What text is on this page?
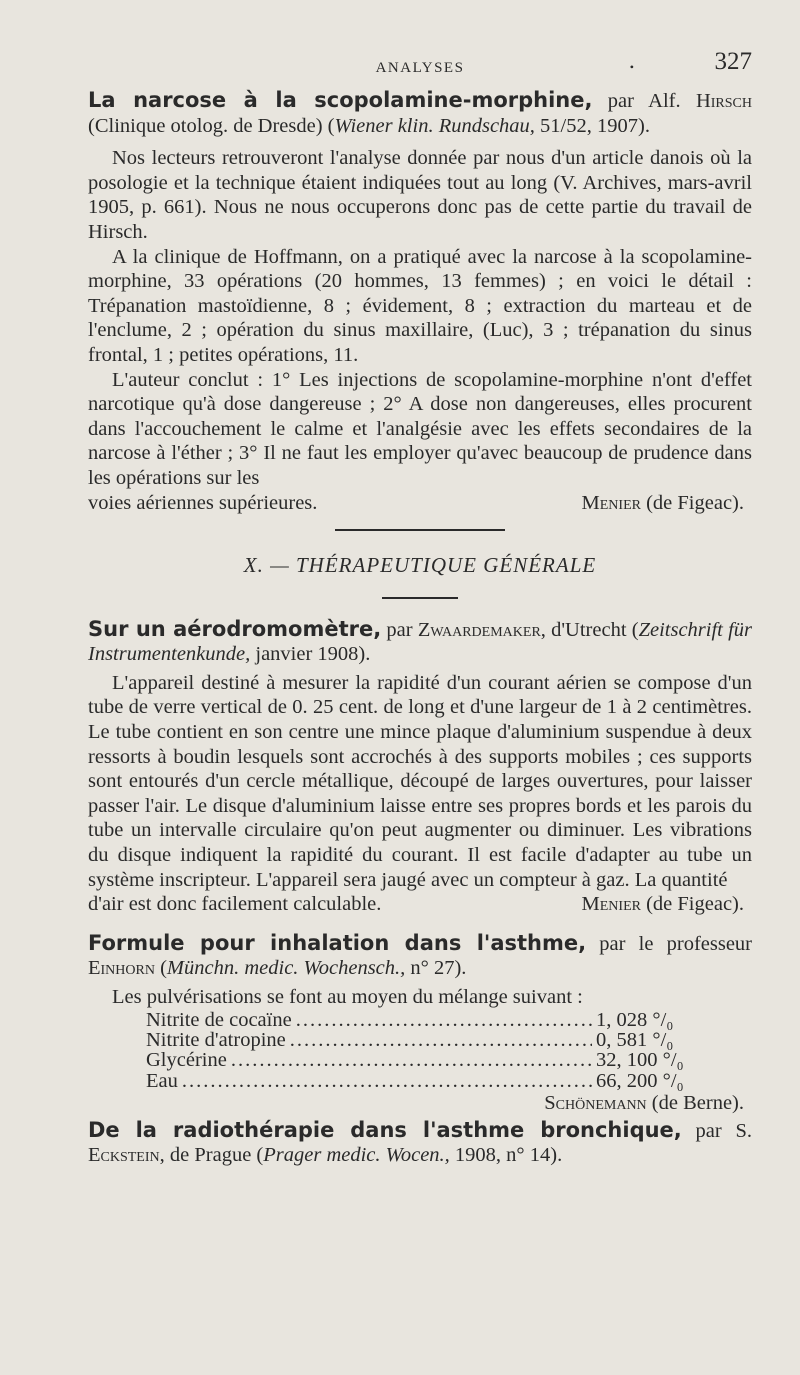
ANALYSES	•	327

La narcose à la scopolamine-morphine, par Alf. Hirsch (Clinique otolog. de Dresde) (Wiener klin. Rundschau, 51/52, 1907).

Nos lecteurs retrouveront l'analyse donnée par nous d'un article danois où la posologie et la technique étaient indiquées tout au long (V. Archives, mars-avril 1905, p. 661). Nous ne nous occuperons donc pas de cette partie du travail de Hirsch.

A la clinique de Hoffmann, on a pratiqué avec la narcose à la scopolamine-morphine, 33 opérations (20 hommes, 13 femmes) ; en voici le détail : Trépanation mastoïdienne, 8 ; évidement, 8 ; extraction du marteau et de l'enclume, 2 ; opération du sinus maxillaire, (Luc), 3 ; trépanation du sinus frontal, 1 ; petites opérations, 11.

L'auteur conclut : 1° Les injections de scopolamine-morphine n'ont d'effet narcotique qu'à dose dangereuse ; 2° A dose non dangereuses, elles procurent dans l'accouchement le calme et l'analgésie avec les effets secondaires de la narcose à l'éther ; 3° Il ne faut les employer qu'avec beaucoup de prudence dans les opérations sur les

voies aériennes supérieures.	Menier (de Figeac).
X. — THÉRAPEUTIQUE GÉNÉRALE

Sur un aérodromomètre, par Zwaardemaker, d'Utrecht (Zeitschrift für Instrumentenkunde, janvier 1908).

L'appareil destiné à mesurer la rapidité d'un courant aérien se compose d'un tube de verre vertical de 0. 25 cent. de long et d'une largeur de 1 à 2 centimètres. Le tube contient en son centre une mince plaque d'aluminium suspendue à deux ressorts à boudin lesquels sont accrochés à des supports mobiles ; ces supports sont entourés d'un cercle métallique, découpé de larges ouvertures, pour laisser passer l'air. Le disque d'aluminium laisse entre ses propres bords et les parois du tube un intervalle circulaire qu'on peut augmenter ou diminuer. Les vibrations du disque indiquent la rapidité du courant. Il est facile d'adapter au tube un système inscripteur. L'appareil sera jaugé avec un compteur à gaz. La quantité

d'air est donc facilement calculable.	Menier (de Figeac).

Formule pour inhalation dans l'asthme, par le professeur Einhorn (Münchn. medic. Wochensch., n° 27).

Les pulvérisations se font au moyen du mélange suivant :

Nitrite de cocaïne .....	1, 028 °/₀
Nitrite d'atropine .....	0, 581 °/₀
Glycérine .....	32, 100 °/₀
Eau .....	66, 200 °/₀
Schönemann (de Berne).

De la radiothérapie dans l'asthme bronchique, par S. Eckstein, de Prague (Prager medic. Wocen., 1908, n° 14).
